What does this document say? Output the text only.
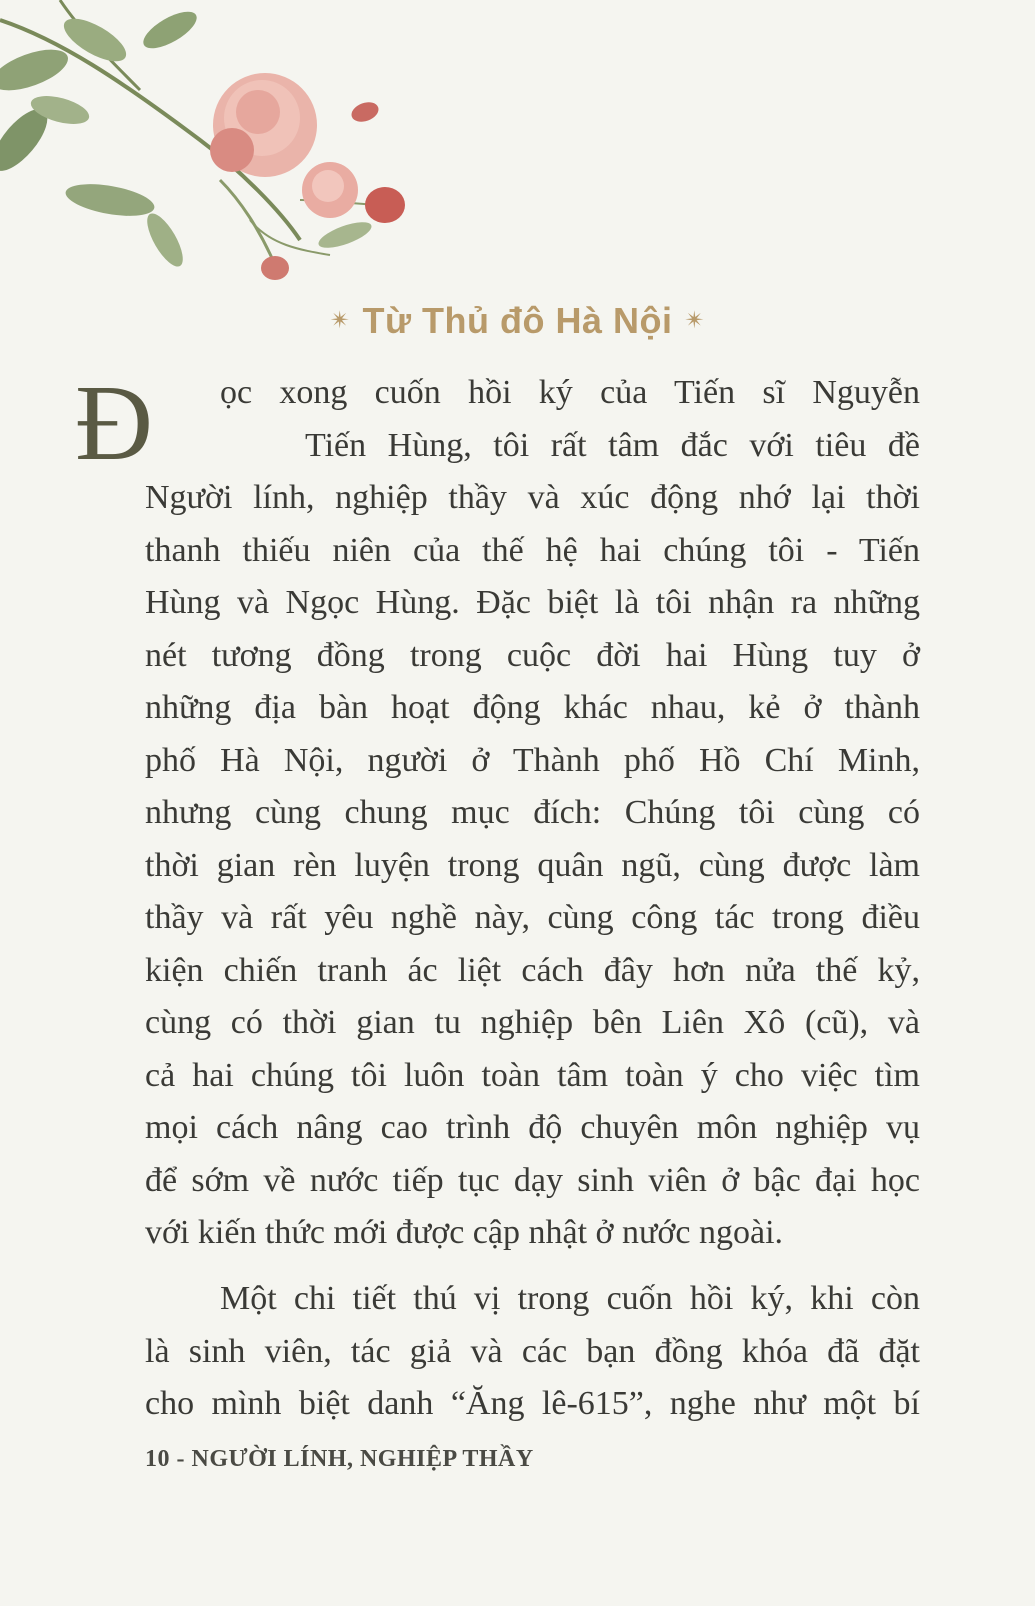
✴ Từ Thủ đô Hà Nội ✴
Đ	ọc xong cuốn hồi ký của Tiến sĩ Nguyễn
Tiến Hùng, tôi rất tâm đắc với tiêu đề
Người lính, nghiệp thầy và xúc động nhớ lại thời
thanh thiếu niên của thế hệ hai chúng tôi - Tiến
Hùng và Ngọc Hùng. Đặc biệt là tôi nhận ra những
nét tương đồng trong cuộc đời hai Hùng tuy ở
những địa bàn hoạt động khác nhau, kẻ ở thành
phố Hà Nội, người ở Thành phố Hồ Chí Minh,
nhưng cùng chung mục đích: Chúng tôi cùng có
thời gian rèn luyện trong quân ngũ, cùng được làm
thầy và rất yêu nghề này, cùng công tác trong điều
kiện chiến tranh ác liệt cách đây hơn nửa thế kỷ,
cùng có thời gian tu nghiệp bên Liên Xô (cũ), và
cả hai chúng tôi luôn toàn tâm toàn ý cho việc tìm
mọi cách nâng cao trình độ chuyên môn nghiệp vụ
để sớm về nước tiếp tục dạy sinh viên ở bậc đại học
với kiến thức mới được cập nhật ở nước ngoài.
Một chi tiết thú vị trong cuốn hồi ký, khi còn
là sinh viên, tác giả và các bạn đồng khóa đã đặt
cho mình biệt danh “Ăng lê-615”, nghe như một bí
10 - NGƯỜI LÍNH, NGHIỆP THẦY
